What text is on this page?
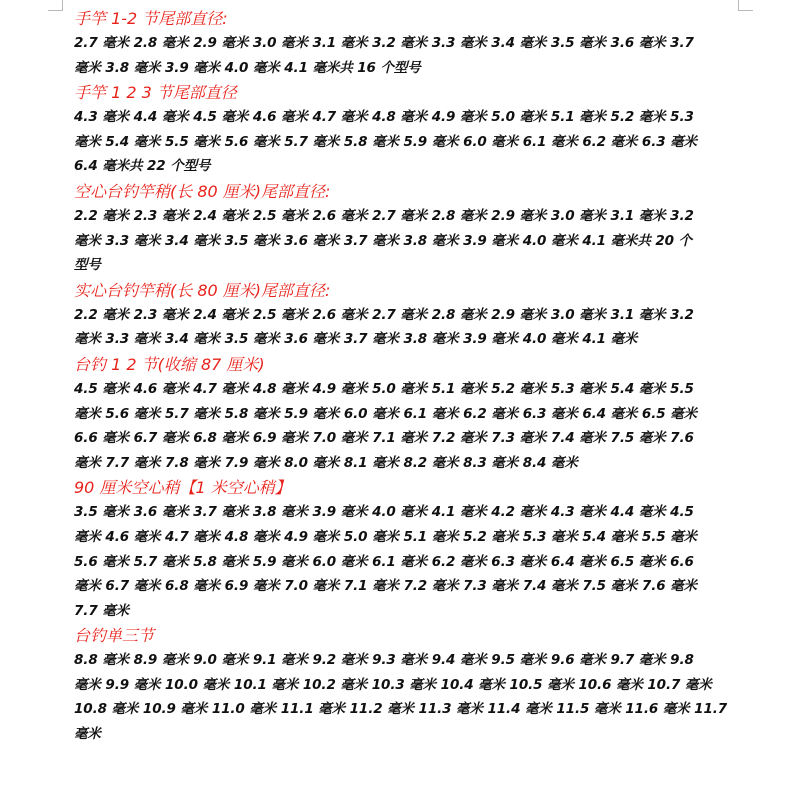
手竿 1-2 节尾部直径:
2.7 毫米 2.8 毫米 2.9 毫米 3.0 毫米 3.1 毫米 3.2 毫米 3.3 毫米 3.4 毫米 3.5 毫米 3.6 毫米 3.7
毫米 3.8 毫米 3.9 毫米 4.0 毫米 4.1 毫米共 16 个型号
手竿 1 2 3 节尾部直径
4.3 毫米 4.4 毫米 4.5 毫米 4.6 毫米 4.7 毫米 4.8 毫米 4.9 毫米 5.0 毫米 5.1 毫米 5.2 毫米 5.3
毫米 5.4 毫米 5.5 毫米 5.6 毫米 5.7 毫米 5.8 毫米 5.9 毫米 6.0 毫米 6.1 毫米 6.2 毫米 6.3 毫米
6.4 毫米共 22 个型号
空心台钓竿稍(长 80 厘米)尾部直径:
2.2 毫米 2.3 毫米 2.4 毫米 2.5 毫米 2.6 毫米 2.7 毫米 2.8 毫米 2.9 毫米 3.0 毫米 3.1 毫米 3.2
毫米 3.3 毫米 3.4 毫米 3.5 毫米 3.6 毫米 3.7 毫米 3.8 毫米 3.9 毫米 4.0 毫米 4.1 毫米共 20 个
型号
实心台钓竿稍(长 80 厘米)尾部直径:
2.2 毫米 2.3 毫米 2.4 毫米 2.5 毫米 2.6 毫米 2.7 毫米 2.8 毫米 2.9 毫米 3.0 毫米 3.1 毫米 3.2
毫米 3.3 毫米 3.4 毫米 3.5 毫米 3.6 毫米 3.7 毫米 3.8 毫米 3.9 毫米 4.0 毫米 4.1 毫米
台钓 1 2 节(收缩 87 厘米)
4.5 毫米 4.6 毫米 4.7 毫米 4.8 毫米 4.9 毫米 5.0 毫米 5.1 毫米 5.2 毫米 5.3 毫米 5.4 毫米 5.5
毫米 5.6 毫米 5.7 毫米 5.8 毫米 5.9 毫米 6.0 毫米 6.1 毫米 6.2 毫米 6.3 毫米 6.4 毫米 6.5 毫米
6.6 毫米 6.7 毫米 6.8 毫米 6.9 毫米 7.0 毫米 7.1 毫米 7.2 毫米 7.3 毫米 7.4 毫米 7.5 毫米 7.6
毫米 7.7 毫米 7.8 毫米 7.9 毫米 8.0 毫米 8.1 毫米 8.2 毫米 8.3 毫米 8.4 毫米
90 厘米空心稍【1 米空心稍】
3.5 毫米 3.6 毫米 3.7 毫米 3.8 毫米 3.9 毫米 4.0 毫米 4.1 毫米 4.2 毫米 4.3 毫米 4.4 毫米 4.5
毫米 4.6 毫米 4.7 毫米 4.8 毫米 4.9 毫米 5.0 毫米 5.1 毫米 5.2 毫米 5.3 毫米 5.4 毫米 5.5 毫米
5.6 毫米 5.7 毫米 5.8 毫米 5.9 毫米 6.0 毫米 6.1 毫米 6.2 毫米 6.3 毫米 6.4 毫米 6.5 毫米 6.6
毫米 6.7 毫米 6.8 毫米 6.9 毫米 7.0 毫米 7.1 毫米 7.2 毫米 7.3 毫米 7.4 毫米 7.5 毫米 7.6 毫米
7.7 毫米
台钓单三节
8.8 毫米 8.9 毫米 9.0 毫米 9.1 毫米 9.2 毫米 9.3 毫米 9.4 毫米 9.5 毫米 9.6 毫米 9.7 毫米 9.8
毫米 9.9 毫米 10.0 毫米 10.1 毫米 10.2 毫米 10.3 毫米 10.4 毫米 10.5 毫米 10.6 毫米 10.7 毫米
10.8 毫米 10.9 毫米 11.0 毫米 11.1 毫米 11.2 毫米 11.3 毫米 11.4 毫米 11.5 毫米 11.6 毫米 11.7
毫米
